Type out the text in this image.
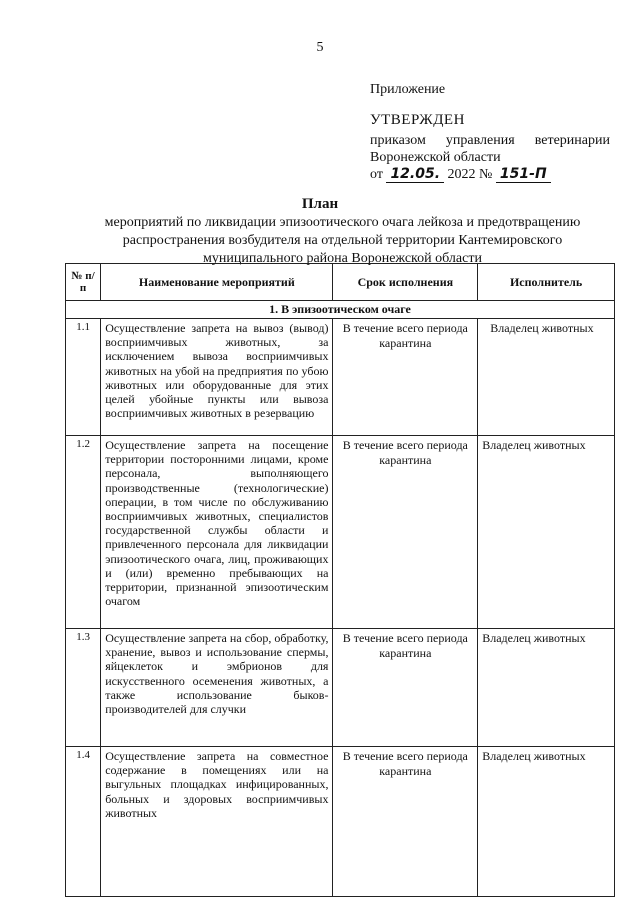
5
Приложение
УТВЕРЖДЕН
приказом управления ветеринарии
Воронежской области
от 12.05. 2022 № 151-П
План
мероприятий по ликвидации эпизоотического очага лейкоза и предотвращению распространения возбудителя на отдельной территории Кантемировского муниципального района Воронежской области
№ п/п	Наименование мероприятий	Срок исполнения	Исполнитель
1. В эпизоотическом очаге			
1.1	Осуществление запрета на вывоз (вывод) восприимчивых животных, за исключением вывоза восприимчивых животных на убой на предприятия по убою животных или оборудованные для этих целей убойные пункты или вывоза восприимчивых животных в резервацию	В течение всего периода карантина	Владелец животных

1.2	Осуществление запрета на посещение территории посторонними лицами, кроме персонала, выполняющего производственные (технологические) операции, в том числе по обслуживанию восприимчивых животных, специалистов государственной службы области и привлеченного персонала для ликвидации эпизоотического очага, лиц, проживающих и (или) временно пребывающих на территории, признанной эпизоотическим очагом	В течение всего периода карантина	Владелец животных
1.3	Осуществление запрета на сбор, обработку, хранение, вывоз и использование спермы, яйцеклеток и эмбрионов для искусственного осеменения животных, а также использование быков-производителей для случки	В течение всего периода карантина	Владелец животных
1.4	Осуществление запрета на совместное содержание в помещениях или на выгульных площадках инфицированных, больных и здоровых восприимчивых животных	В течение всего периода карантина	Владелец животных
